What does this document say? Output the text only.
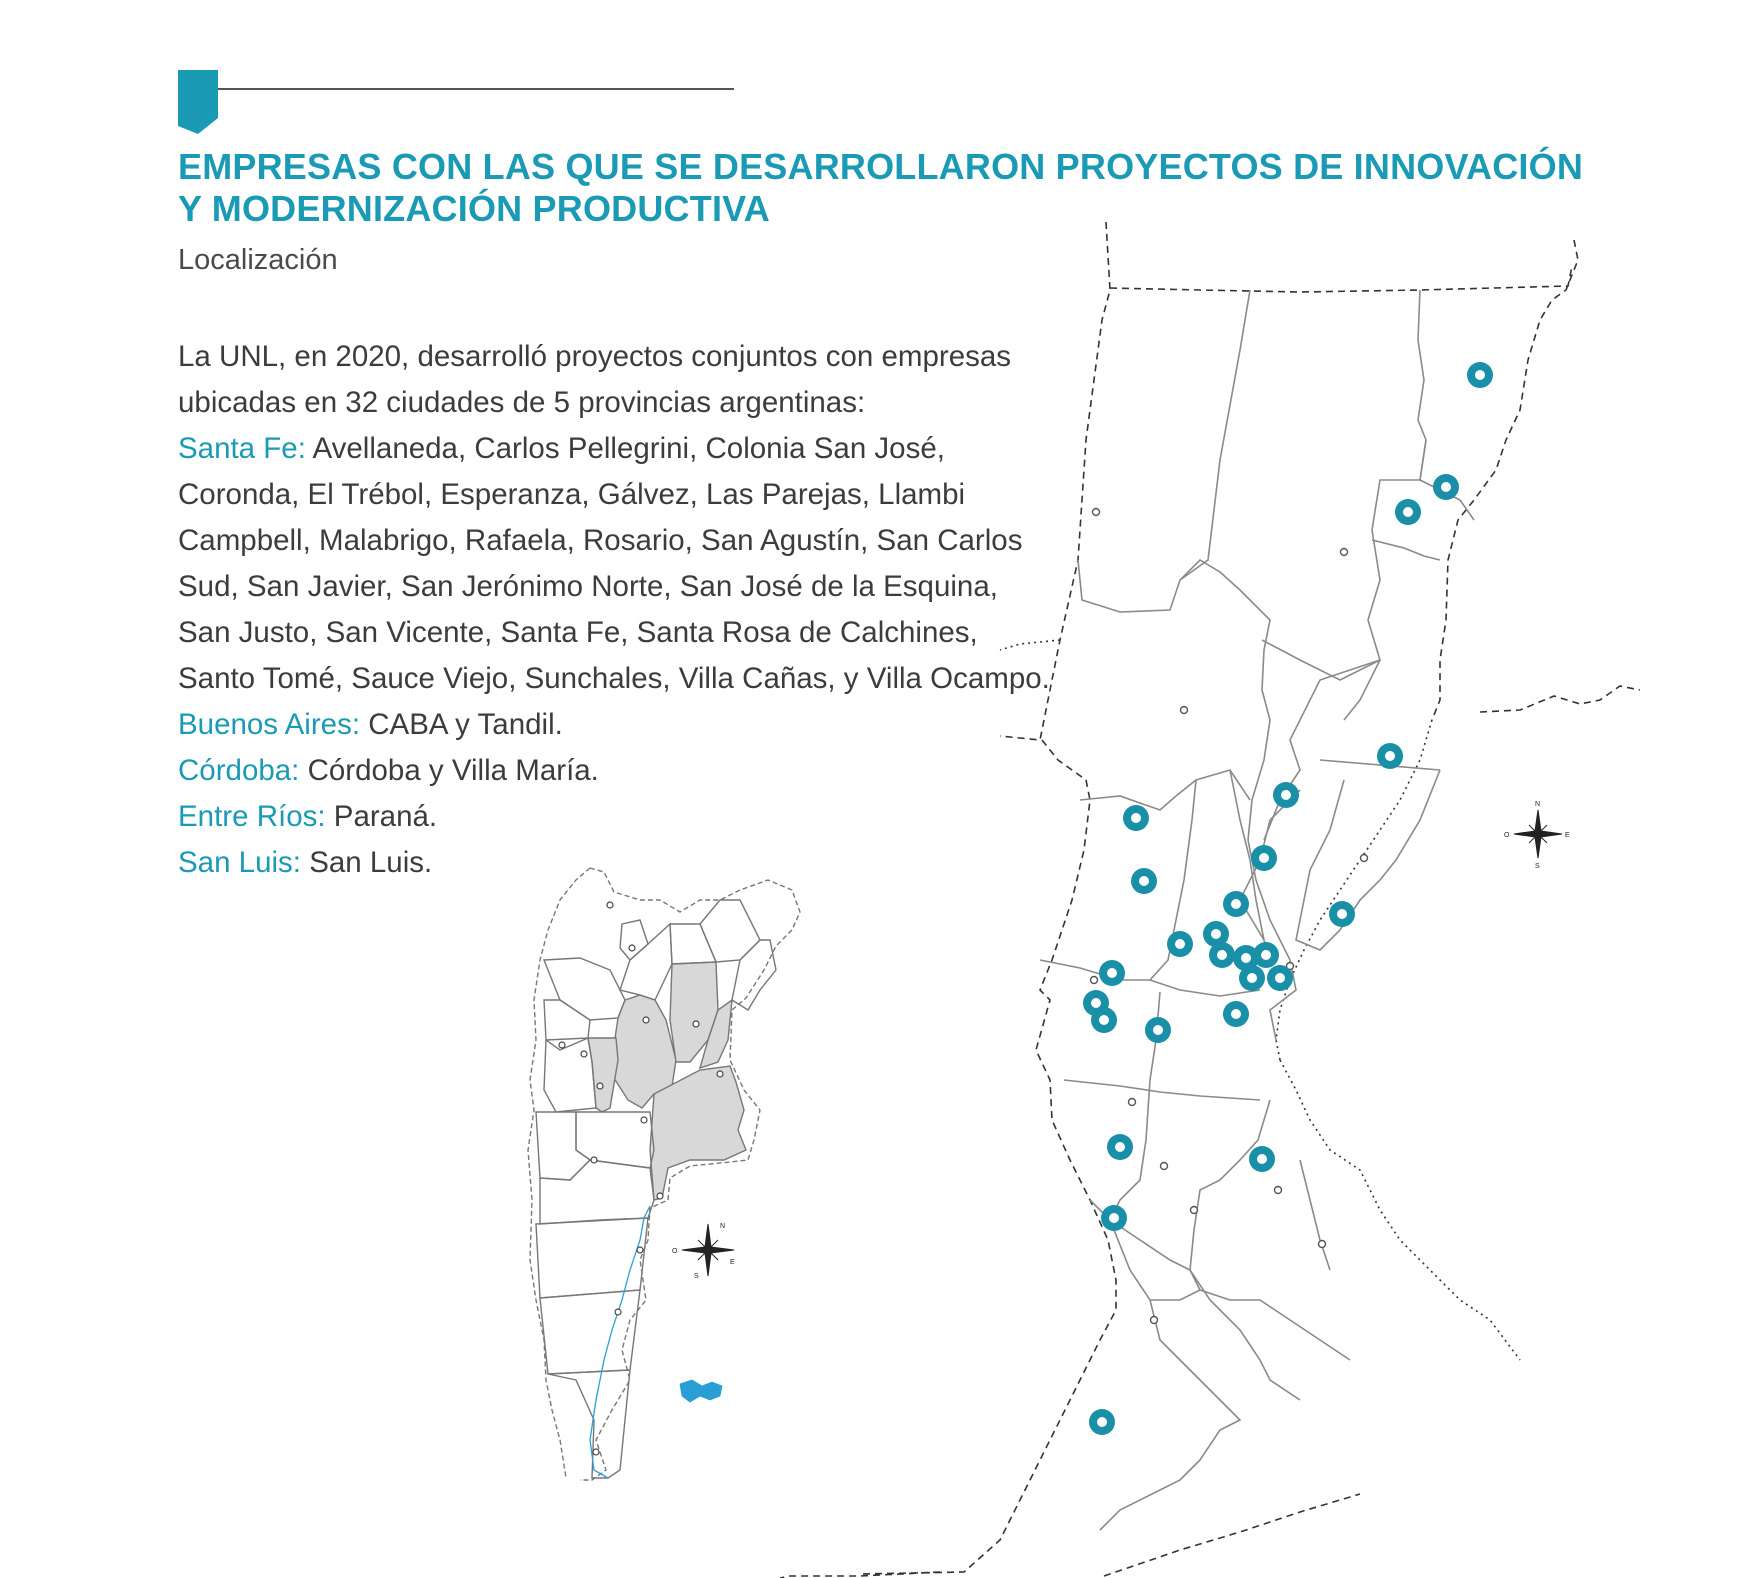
EMPRESAS CON LAS QUE SE DESARROLLARON PROYECTOS DE INNOVACIÓN Y MODERNIZACIÓN PRODUCTIVA
Localización

La UNL, en 2020, desarrolló proyectos conjuntos con empresas ubicadas en 32 ciudades de 5 provincias argentinas:

Santa Fe: Avellaneda, Carlos Pellegrini, Colonia San José, Coronda, El Trébol, Esperanza, Gálvez, Las Parejas, Llambi Campbell, Malabrigo, Rafaela, Rosario, San Agustín, San Carlos Sud, San Javier, San Jerónimo Norte, San José de la Esquina, San Justo, San Vicente, Santa Fe, Santa Rosa de Calchines, Santo Tomé, Sauce Viejo, Sunchales, Villa Cañas, y Villa Ocampo.

Buenos Aires: CABA y Tandil.

Córdoba: Córdoba y Villa María.

Entre Ríos: Paraná.

San Luis: San Luis.

N
E
S
O
N
E
S
O
